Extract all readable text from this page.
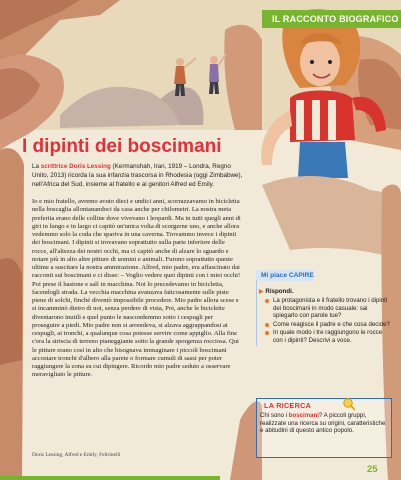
IL RACCONTO BIOGRAFICO
I dipinti dei boscimani
La scrittrice Doris Lessing (Kermanshah, Iran, 1919 – Londra, Regno Unito, 2013) ricorda la sua infanzia trascorsa in Rhodesia (oggi Zimbabwe), nell'Africa del Sud, insieme al fratello e ai genitori Alfred ed Emily.

Io e mio fratello, avremo avuto dieci e undici anni, scorrazzavamo in bicicletta nella boscaglia allontanandoci da casa anche per chilometri. La nostra meta preferita erano delle colline dove vivevano i leopardi. Ma in tutti quegli anni di giri in lungo e in largo ci capitò un'unica volta di scorgerne uno, e anche allora vedemmo solo la coda che spariva in una caverna. Trovammo invece i dipinti dei boscimani. I dipinti si trovavano soprattutto sulla parte inferiore delle rocce, all'altezza dei nostri occhi, ma ci capitò anche di alzare lo sguardo e notare più in alto altre pitture di uomini e animali. Furono soprattutto queste ultime a suscitare la nostra ammirazione. Alfred, mio padre, era affascinato dai racconti sui boscimani e ci disse: – Voglio vedere quei dipinti con i miei occhi! Poi prese il bastone e salì in macchina. Noi lo precedevamo in bicicletta, facendogli strada. La vecchia macchina avanzava faticosamente sulle piste piene di solchi, finché diventò impossibile procedere. Mio padre allora scese e si incamminò dietro di noi, senza perdere di vista, Poi, anche le biciclette diventarono inutili e quel punto le nascondemmo sotto i cespugli per proseguire a piedi. Mio padre non si arrendeva, si alzava aggrappandosi ai cespugli, ai tronchi, a qualunque cosa potesse servire come appiglio. Alla fine c'era la striscia di terreno pianeggiante sotto la grande sporgenza rocciosa. Qui le pitture erano così in alto che bisognava immaginare i piccoli boscimani accostare tronchi d'albero alla parete o formare cumuli di sassi per poter raggiungere la zona su cui dipingere. Ricordo mio padre seduto a osservare meravigliato le pitture.

Doris Lessing, Alfred e Emily, Feltrinelli
Mi piace CAPIRE

▶ Rispondi.

La protagonista e il fratello trovano i dipinti dei boscimani in modo casuale: sai spiegarlo con parole tue?
Come reagisce il padre e che cosa decide?
In quale modo i tre raggiungono le rocce con i dipinti? Descrivi a voce.
LA RICERCA
Chi sono i boscimani? A piccoli gruppi, realizzate una ricerca su origini, caratteristiche e abitudini di questo antico popolo.
25
